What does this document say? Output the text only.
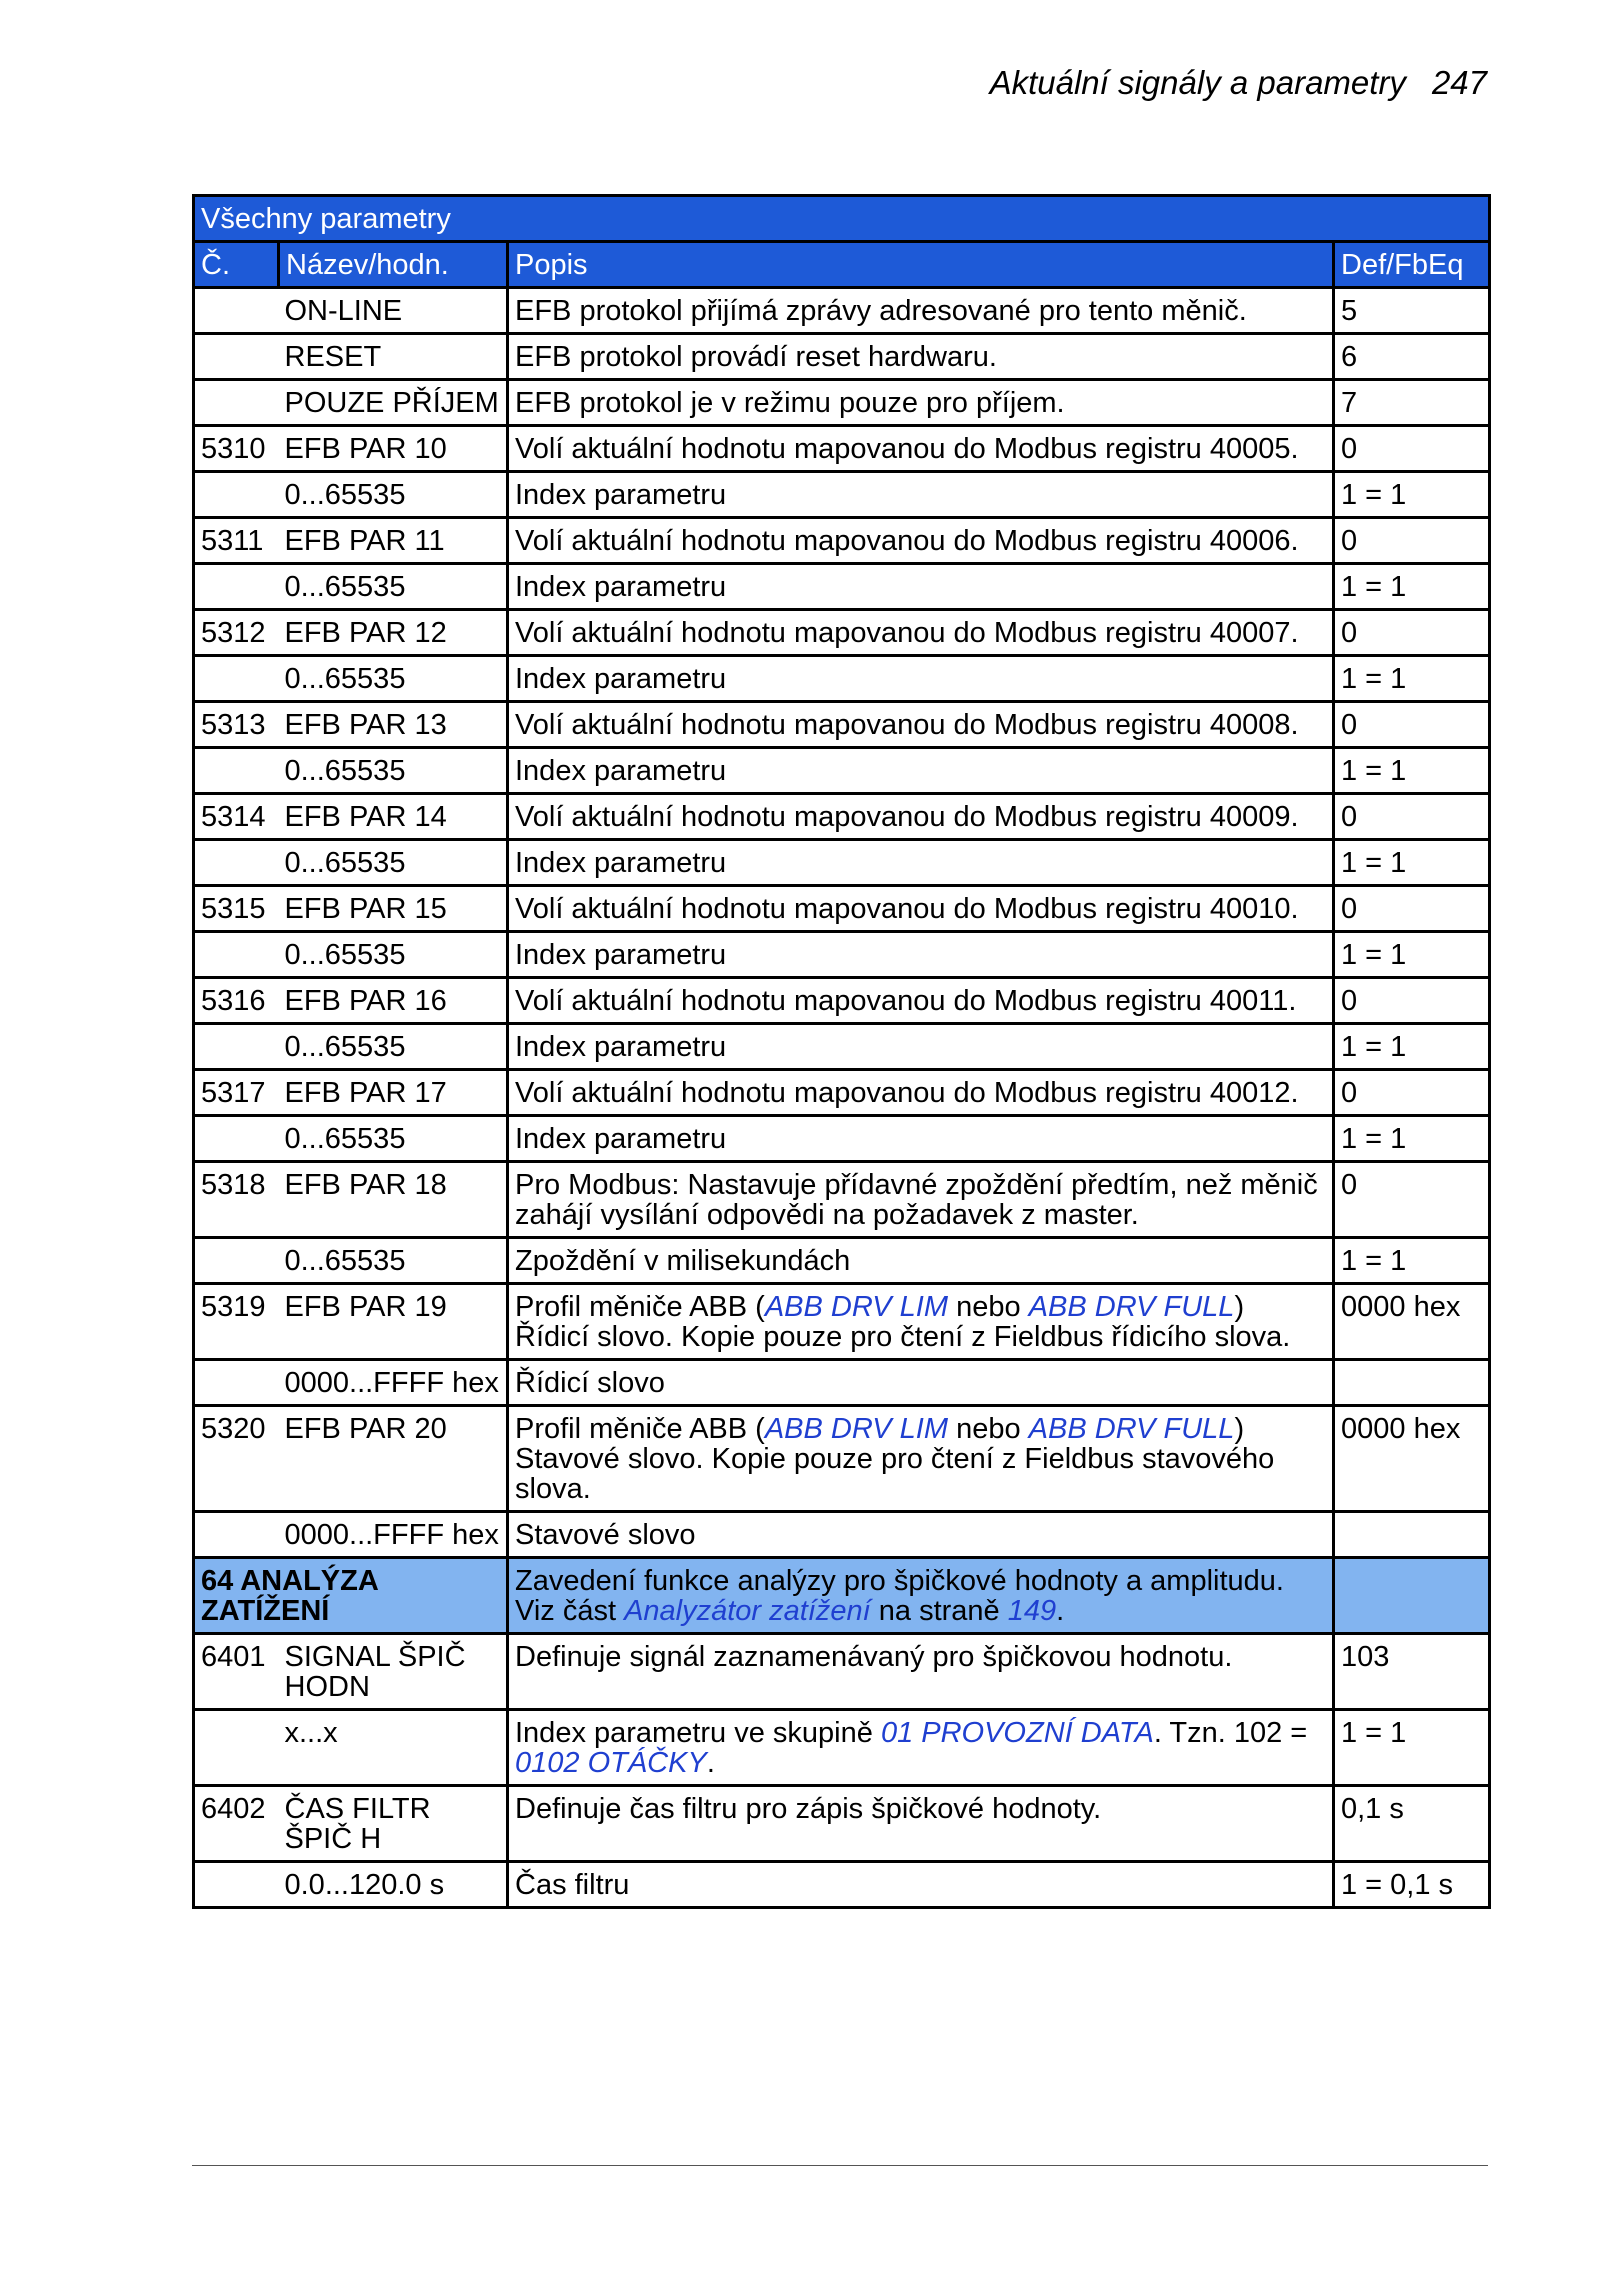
Aktuální signály a parametry 247
Všechny parametry			
Č.	Název/hodn.	Popis	Def/FbEq
	ON-LINE	EFB protokol přijímá zprávy adresované pro tento měnič.	5
	RESET	EFB protokol provádí reset hardwaru.	6
	POUZE PŘÍJEM	EFB protokol je v režimu pouze pro příjem.	7
5310	EFB PAR 10	Volí aktuální hodnotu mapovanou do Modbus registru 40005.	0
	0...65535	Index parametru	1 = 1
5311	EFB PAR 11	Volí aktuální hodnotu mapovanou do Modbus registru 40006.	0
	0...65535	Index parametru	1 = 1
5312	EFB PAR 12	Volí aktuální hodnotu mapovanou do Modbus registru 40007.	0
	0...65535	Index parametru	1 = 1
5313	EFB PAR 13	Volí aktuální hodnotu mapovanou do Modbus registru 40008.	0
	0...65535	Index parametru	1 = 1
5314	EFB PAR 14	Volí aktuální hodnotu mapovanou do Modbus registru 40009.	0
	0...65535	Index parametru	1 = 1
5315	EFB PAR 15	Volí aktuální hodnotu mapovanou do Modbus registru 40010.	0
	0...65535	Index parametru	1 = 1
5316	EFB PAR 16	Volí aktuální hodnotu mapovanou do Modbus registru 40011.	0
	0...65535	Index parametru	1 = 1
5317	EFB PAR 17	Volí aktuální hodnotu mapovanou do Modbus registru 40012.	0
	0...65535	Index parametru	1 = 1
5318	EFB PAR 18	Pro Modbus: Nastavuje přídavné zpoždění předtím, než měnič zahájí vysílání odpovědi na požadavek z master.	0
	0...65535	Zpoždění v milisekundách	1 = 1
5319	EFB PAR 19	Profil měniče ABB (ABB DRV LIM nebo ABB DRV FULL) Řídicí slovo. Kopie pouze pro čtení z Fieldbus řídicího slova.	0000 hex
	0000...FFFF hex	Řídicí slovo	
5320	EFB PAR 20	Profil měniče ABB (ABB DRV LIM nebo ABB DRV FULL) Stavové slovo. Kopie pouze pro čtení z Fieldbus stavového slova.	0000 hex
	0000...FFFF hex	Stavové slovo	
64 ANALÝZA ZATÍŽENÍ		Zavedení funkce analýzy pro špičkové hodnoty a amplitudu. Viz část Analyzátor zatížení na straně 149.	
6401	SIGNAL ŠPIČ HODN	Definuje signál zaznamenávaný pro špičkovou hodnotu.	103
	x...x	Index parametru ve skupině 01 PROVOZNÍ DATA. Tzn. 102 = 0102 OTÁČKY.	1 = 1
6402	ČAS FILTR ŠPIČ H	Definuje čas filtru pro zápis špičkové hodnoty.	0,1 s
	0.0...120.0 s	Čas filtru	1 = 0,1 s
